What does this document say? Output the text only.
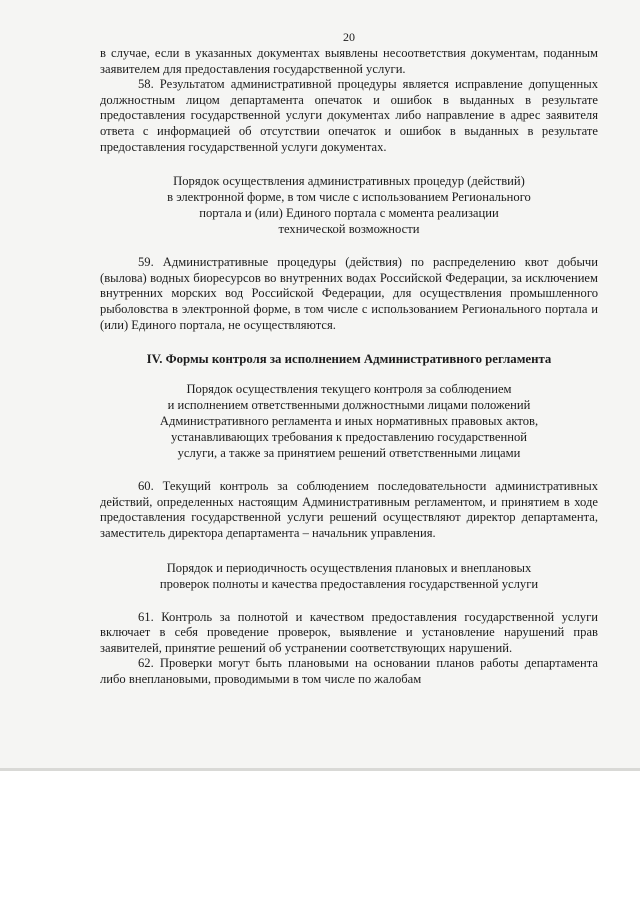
20

в случае, если в указанных документах выявлены несоответствия документам, поданным заявителем для предоставления государственной услуги.

58. Результатом административной процедуры является исправление допущенных должностным лицом департамента опечаток и ошибок в выданных в результате предоставления государственной услуги документах либо направление в адрес заявителя ответа с информацией об отсутствии опечаток и ошибок в выданных в результате предоставления государственной услуги документах.

Порядок осуществления административных процедур (действий)
в электронной форме, в том числе с использованием Регионального
портала и (или) Единого портала с момента реализации
технической возможности

59. Административные процедуры (действия) по распределению квот добычи (вылова) водных биоресурсов во внутренних водах Российской Федерации, за исключением внутренних морских вод Российской Федерации, для осуществления промышленного рыболовства в электронной форме, в том числе с использованием Регионального портала и (или) Единого портала, не осуществляются.

IV. Формы контроля за исполнением Административного регламента
Порядок осуществления текущего контроля за соблюдением
и исполнением ответственными должностными лицами положений
Административного регламента и иных нормативных правовых актов,
устанавливающих требования к предоставлению государственной
услуги, а также за принятием решений ответственными лицами

60. Текущий контроль за соблюдением последовательности административных действий, определенных настоящим Административным регламентом, и принятием в ходе предоставления государственной услуги решений осуществляют директор департамента, заместитель директора департамента – начальник управления.

Порядок и периодичность осуществления плановых и внеплановых
проверок полноты и качества предоставления государственной услуги

61. Контроль за полнотой и качеством предоставления государственной услуги включает в себя проведение проверок, выявление и установление нарушений прав заявителей, принятие решений об устранении соответствующих нарушений.

62. Проверки могут быть плановыми на основании планов работы департамента либо внеплановыми, проводимыми в том числе по жалобам
